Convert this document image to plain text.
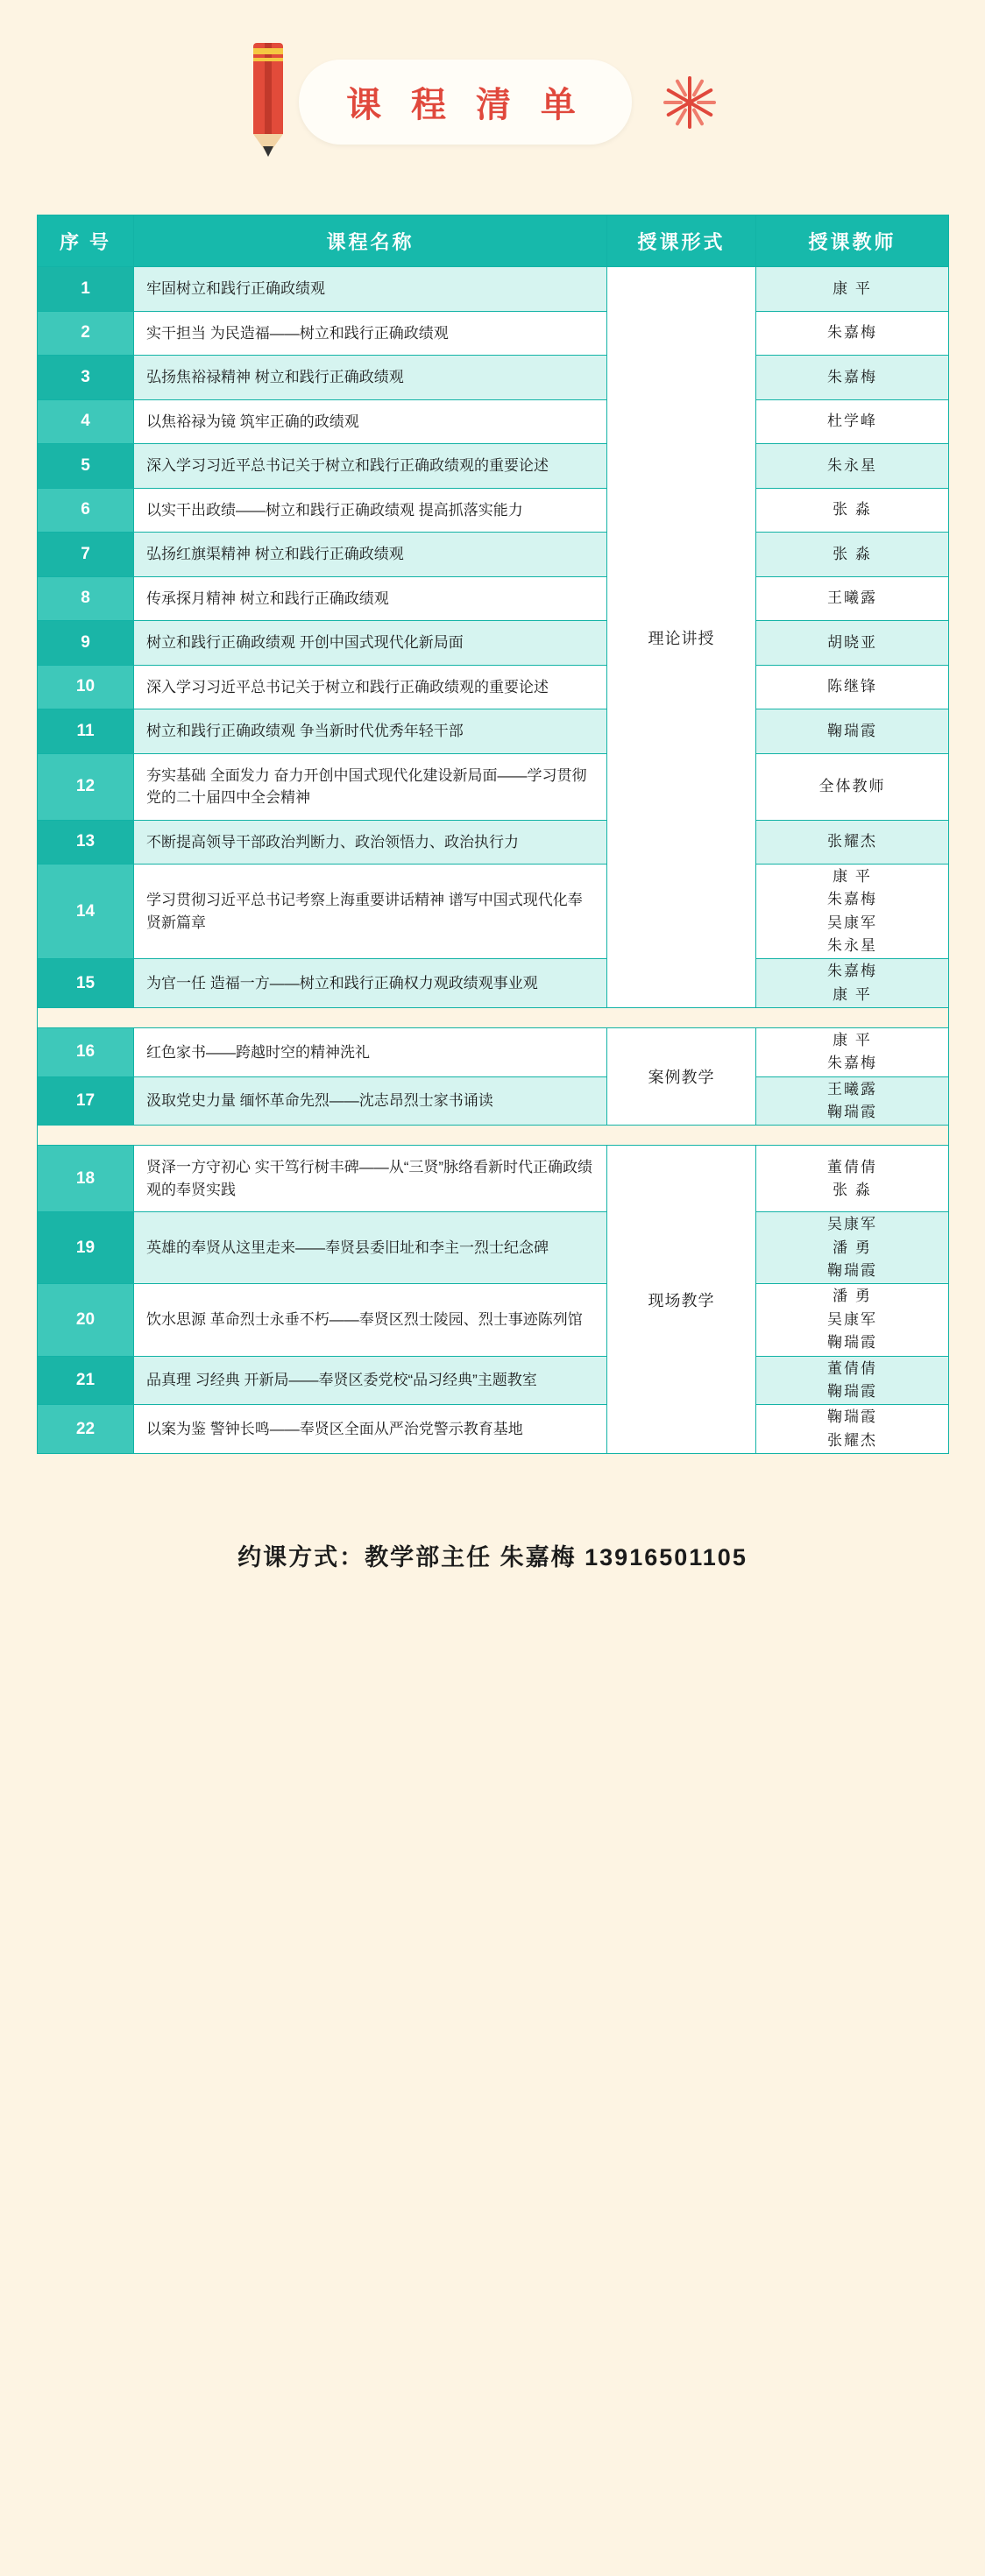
课 程 清 单
序 号	课程名称	授课形式	授课教师
1	牢固树立和践行正确政绩观	理论讲授	康 平
2	实干担当 为民造福——树立和践行正确政绩观		朱嘉梅
3	弘扬焦裕禄精神 树立和践行正确政绩观		朱嘉梅
4	以焦裕禄为镜 筑牢正确的政绩观		杜学峰
5	深入学习习近平总书记关于树立和践行正确政绩观的重要论述		朱永星
6	以实干出政绩——树立和践行正确政绩观 提高抓落实能力		张 淼
7	弘扬红旗渠精神 树立和践行正确政绩观		张 淼
8	传承探月精神 树立和践行正确政绩观		王曦露
9	树立和践行正确政绩观 开创中国式现代化新局面		胡晓亚
10	深入学习习近平总书记关于树立和践行正确政绩观的重要论述		陈继锋
11	树立和践行正确政绩观 争当新时代优秀年轻干部		鞠瑞霞
12	夯实基础 全面发力 奋力开创中国式现代化建设新局面——学习贯彻党的二十届四中全会精神		全体教师
13	不断提高领导干部政治判断力、政治领悟力、政治执行力		张耀杰
14	学习贯彻习近平总书记考察上海重要讲话精神 谱写中国式现代化奉贤新篇章		康 平
朱嘉梅
吴康军
朱永星
15	为官一任 造福一方——树立和践行正确权力观政绩观事业观		朱嘉梅
康 平

16	红色家书——跨越时空的精神洗礼	案例教学	康 平
朱嘉梅
17	汲取党史力量 缅怀革命先烈——沈志昂烈士家书诵读		王曦露
鞠瑞霞

18	贤泽一方守初心 实干笃行树丰碑——从“三贤”脉络看新时代正确政绩观的奉贤实践	现场教学	董倩倩
张 淼
19	英雄的奉贤从这里走来——奉贤县委旧址和李主一烈士纪念碑		吴康军
潘 勇
鞠瑞霞
20	饮水思源 革命烈士永垂不朽——奉贤区烈士陵园、烈士事迹陈列馆		潘 勇
吴康军
鞠瑞霞
21	品真理 习经典 开新局——奉贤区委党校“品习经典”主题教室		董倩倩
鞠瑞霞
22	以案为鉴 警钟长鸣——奉贤区全面从严治党警示教育基地		鞠瑞霞
张耀杰
约课方式：教学部主任 朱嘉梅 13916501105
